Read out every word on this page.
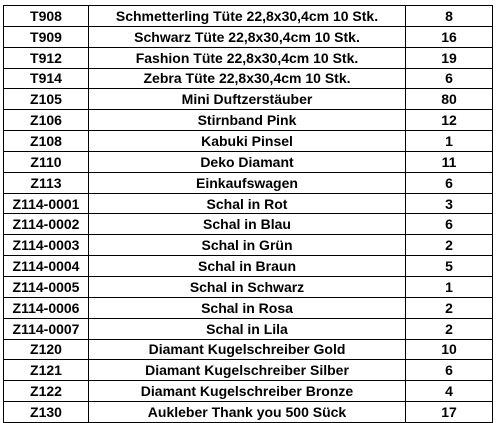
T908	Schmetterling Tüte 22,8x30,4cm 10 Stk.	8
T909	Schwarz Tüte 22,8x30,4cm 10 Stk.	16
T912	Fashion Tüte 22,8x30,4cm 10 Stk.	19
T914	Zebra Tüte 22,8x30,4cm 10 Stk.	6
Z105	Mini Duftzerstäuber	80
Z106	Stirnband Pink	12
Z108	Kabuki Pinsel	1
Z110	Deko Diamant	11
Z113	Einkaufswagen	6
Z114-0001	Schal in Rot	3
Z114-0002	Schal in Blau	6
Z114-0003	Schal in Grün	2
Z114-0004	Schal in Braun	5
Z114-0005	Schal in Schwarz	1
Z114-0006	Schal in Rosa	2
Z114-0007	Schal in Lila	2
Z120	Diamant Kugelschreiber Gold	10
Z121	Diamant Kugelschreiber Silber	6
Z122	Diamant Kugelschreiber Bronze	4
Z130	Aukleber Thank you 500 Sück	17
